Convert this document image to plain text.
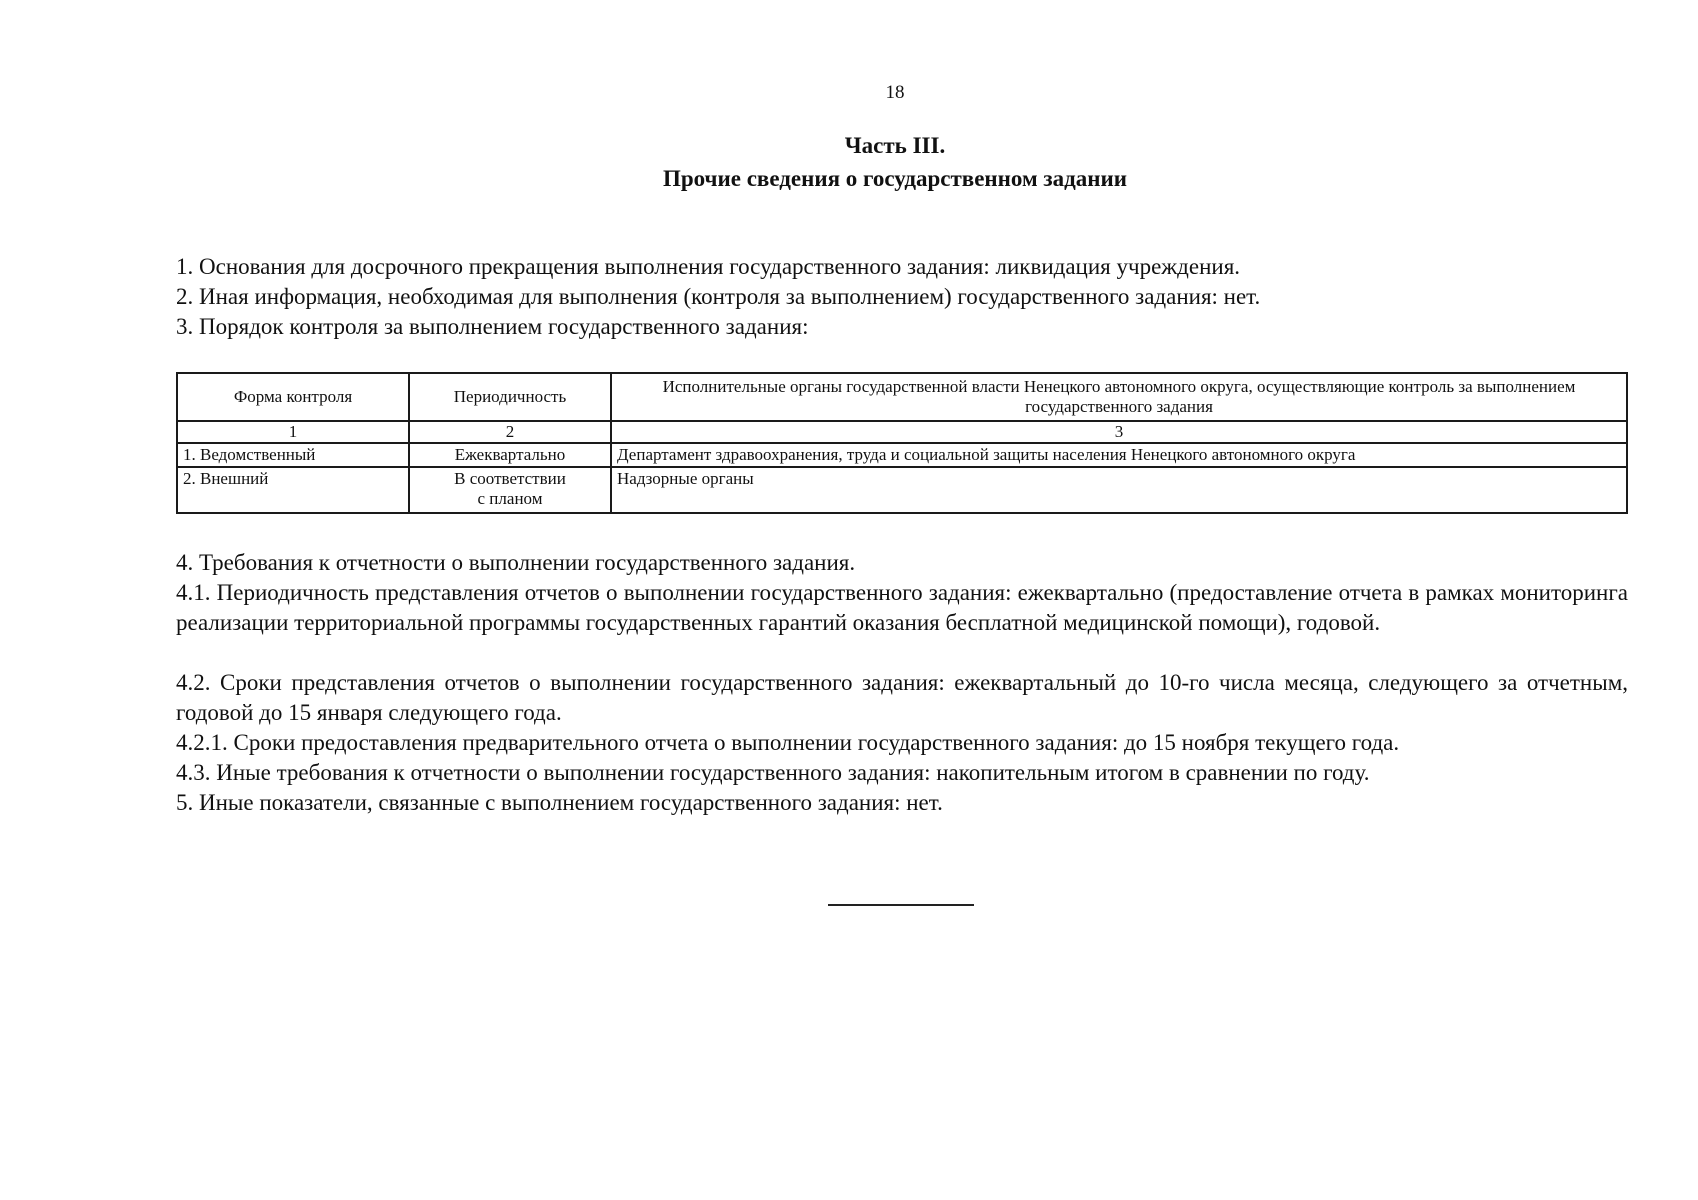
18
Часть III.
Прочие сведения о государственном задании
1. Основания для досрочного прекращения выполнения государственного задания: ликвидация учреждения.
2. Иная информация, необходимая для выполнения (контроля за выполнением) государственного задания: нет.
3. Порядок контроля за выполнением государственного задания:
Форма контроля	Периодичность	Исполнительные органы государственной власти Ненецкого автономного округа, осуществляющие контроль за выполнением государственного задания
1	2	3
1. Ведомственный	Ежеквартально	Департамент здравоохранения, труда и социальной защиты населения Ненецкого автономного округа
2. Внешний	В соответствии с планом	Надзорные органы
4. Требования к отчетности о выполнении государственного задания.
4.1. Периодичность представления отчетов о выполнении государственного задания: ежеквартально (предоставление отчета в рамках мониторинга реализации территориальной программы государственных гарантий оказания бесплатной медицинской помощи), годовой.
4.2. Сроки представления отчетов о выполнении государственного задания: ежеквартальный до 10-го числа месяца, следующего за отчетным, годовой до 15 января следующего года.
4.2.1. Сроки предоставления предварительного отчета о выполнении государственного задания: до 15 ноября текущего года.
4.3. Иные требования к отчетности о выполнении государственного задания: накопительным итогом в сравнении по году.
5. Иные показатели, связанные с выполнением государственного задания: нет.
